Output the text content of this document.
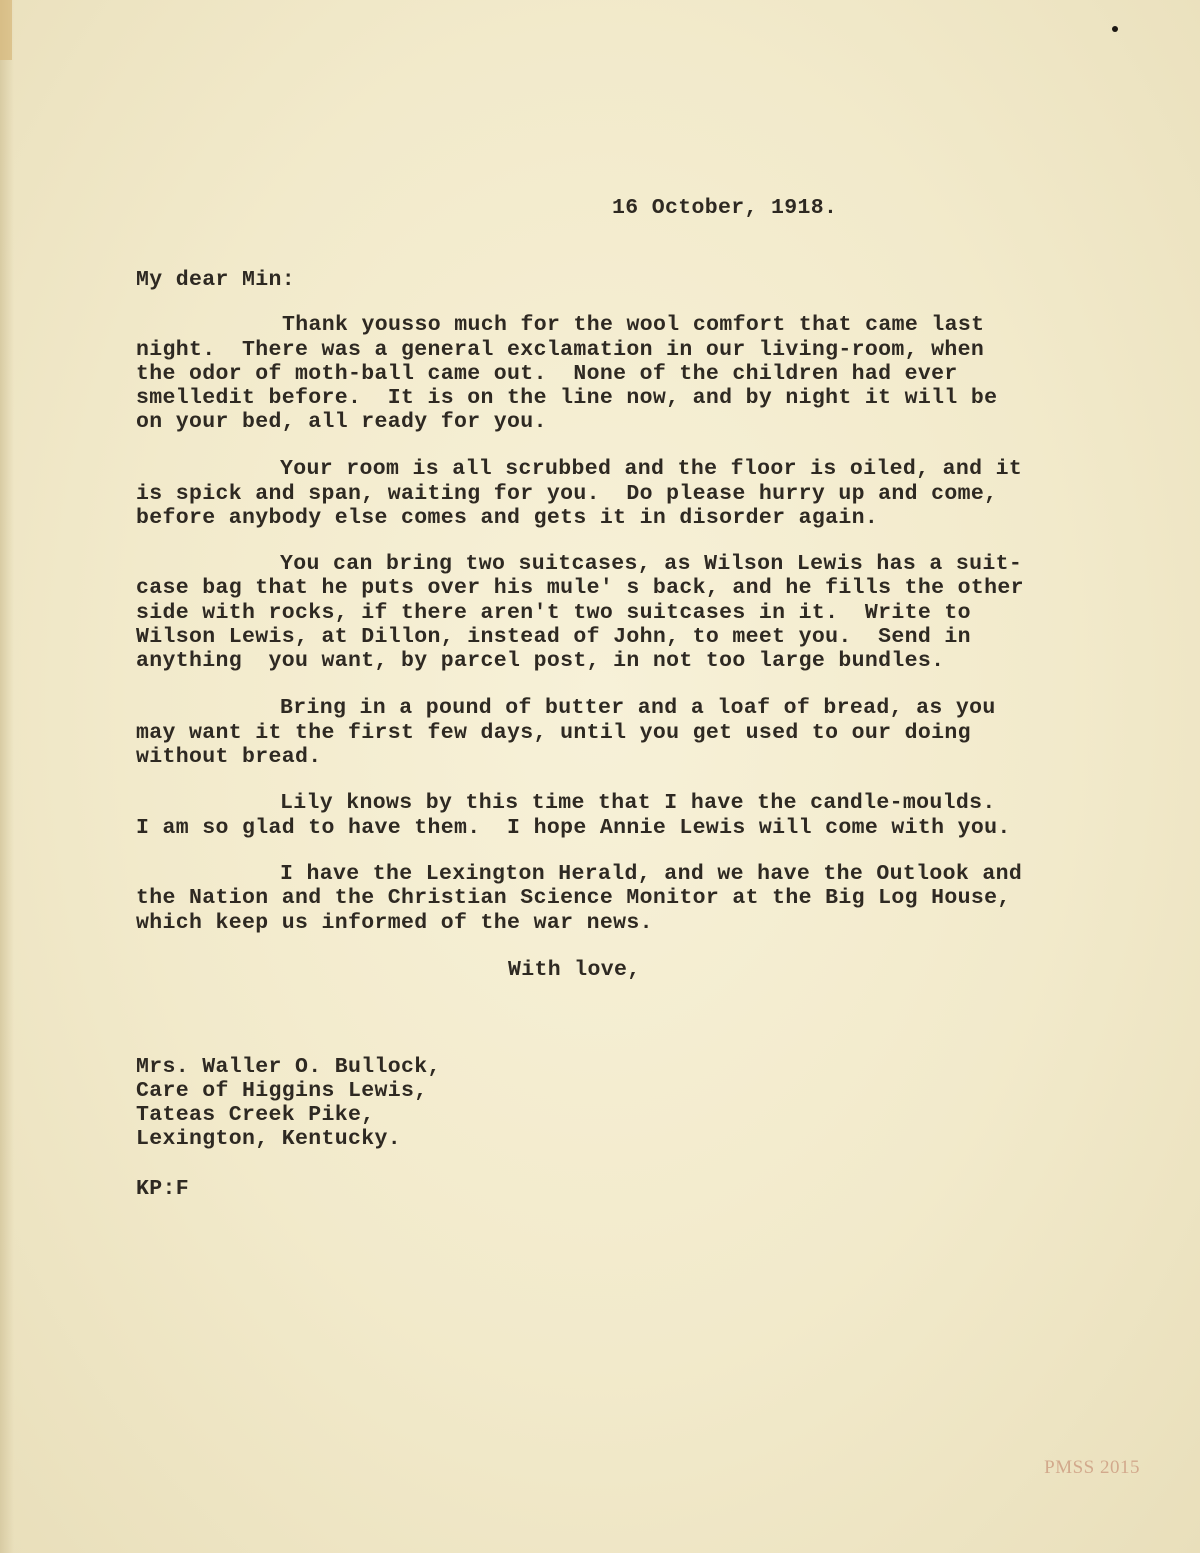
16 October, 1918.
My dear Min:
Thank yousso much for the wool comfort that came last
night.  There was a general exclamation in our living-room, when
the odor of moth-ball came out.  None of the children had ever
smelledit before.  It is on the line now, and by night it will be
on your bed, all ready for you.
Your room is all scrubbed and the floor is oiled, and it
is spick and span, waiting for you.  Do please hurry up and come,
before anybody else comes and gets it in disorder again.
You can bring two suitcases, as Wilson Lewis has a suit-
case bag that he puts over his mule' s back, and he fills the other
side with rocks, if there aren't two suitcases in it.  Write to
Wilson Lewis, at Dillon, instead of John, to meet you.  Send in
anything  you want, by parcel post, in not too large bundles.
Bring in a pound of butter and a loaf of bread, as you
may want it the first few days, until you get used to our doing
without bread.
Lily knows by this time that I have the candle-moulds.
I am so glad to have them.  I hope Annie Lewis will come with you.
I have the Lexington Herald, and we have the Outlook and
the Nation and the Christian Science Monitor at the Big Log House,
which keep us informed of the war news.
With love,
Mrs. Waller O. Bullock,
Care of Higgins Lewis,
Tateas Creek Pike,
Lexington, Kentucky.
KP:F
PMSS 2015
